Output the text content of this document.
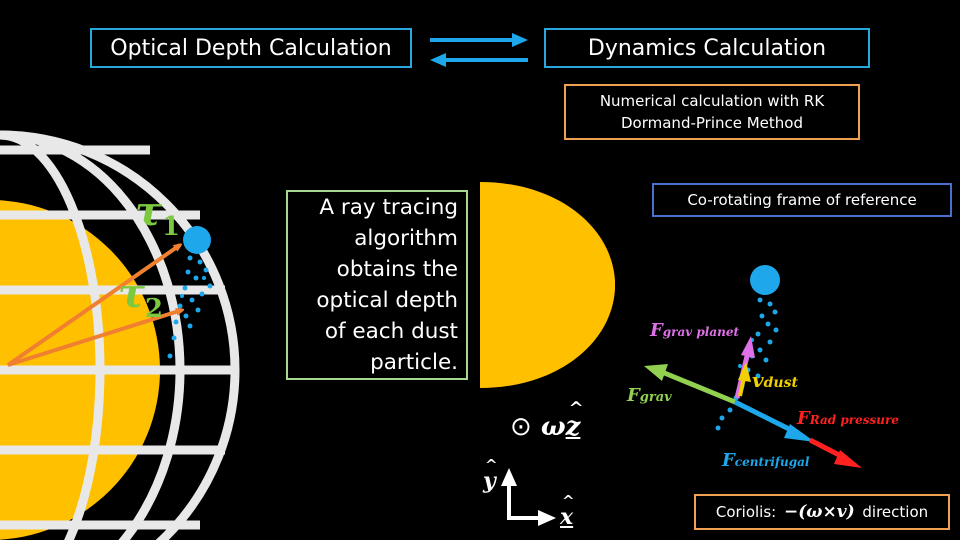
Optical Depth Calculation	Dynamics Calculation
Numerical calculation with RK
Dormand-Prince Method
Co-rotating frame of reference
A ray tracing
algorithm
obtains the
optical depth
of each dust
particle.
$\tau_1$
$\tau_2$
⊙ ωz
^
y
^
x
^
Fgrav planet
vdust
Fgrav
FRad pressure
Fcentrifugal
Coriolis: −(ω×v) direction
